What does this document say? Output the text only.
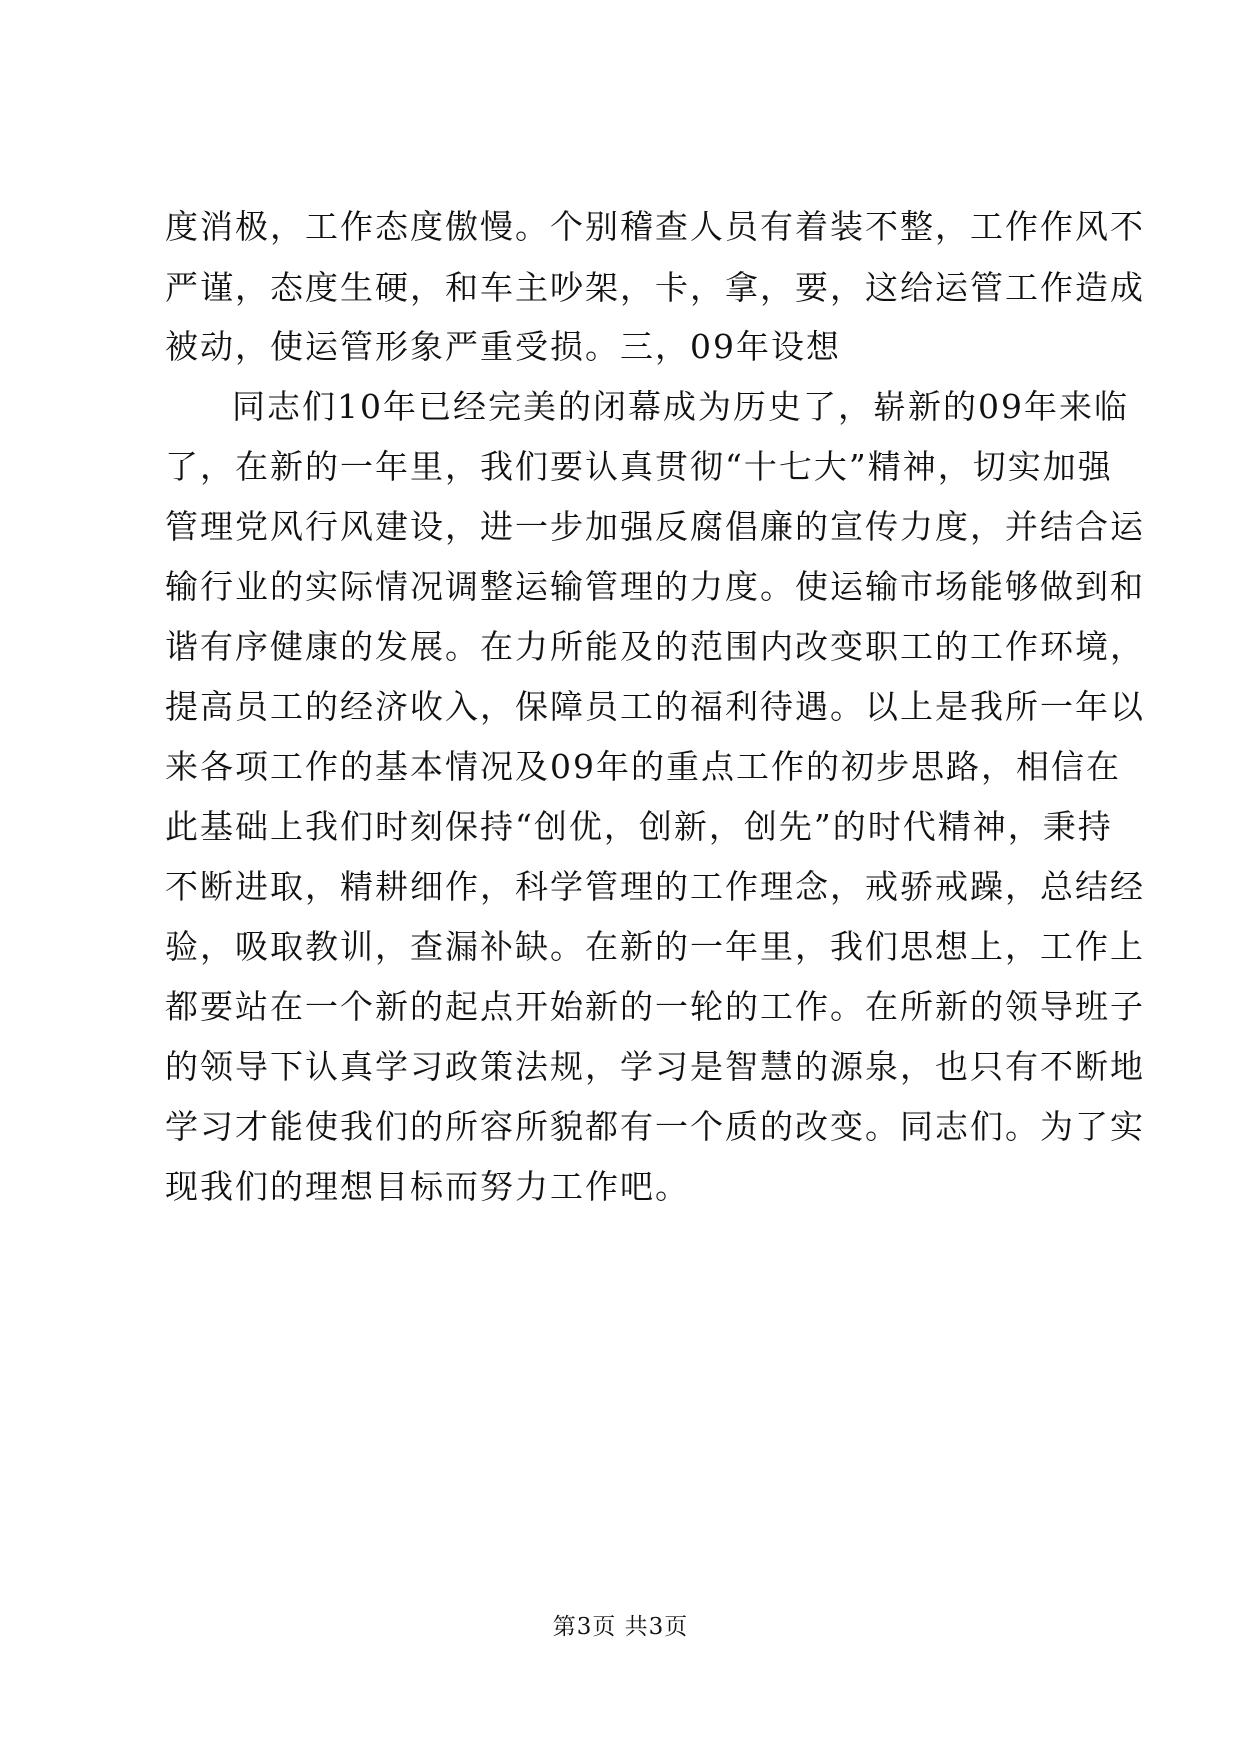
度消极，工作态度傲慢。个别稽查人员有着装不整，工作作风不
严谨，态度生硬，和车主吵架，卡，拿，要，这给运管工作造成
被动，使运管形象严重受损。三，09年设想
同志们10年已经完美的闭幕成为历史了，崭新的09年来临
了，在新的一年里，我们要认真贯彻“十七大”精神，切实加强
管理党风行风建设，进一步加强反腐倡廉的宣传力度，并结合运
输行业的实际情况调整运输管理的力度。使运输市场能够做到和
谐有序健康的发展。在力所能及的范围内改变职工的工作环境，
提高员工的经济收入，保障员工的福利待遇。以上是我所一年以
来各项工作的基本情况及09年的重点工作的初步思路，相信在
此基础上我们时刻保持“创优，创新，创先”的时代精神，秉持
不断进取，精耕细作，科学管理的工作理念，戒骄戒躁，总结经
验，吸取教训，查漏补缺。在新的一年里，我们思想上，工作上
都要站在一个新的起点开始新的一轮的工作。在所新的领导班子
的领导下认真学习政策法规，学习是智慧的源泉，也只有不断地
学习才能使我们的所容所貌都有一个质的改变。同志们。为了实
现我们的理想目标而努力工作吧。
第3页 共3页
